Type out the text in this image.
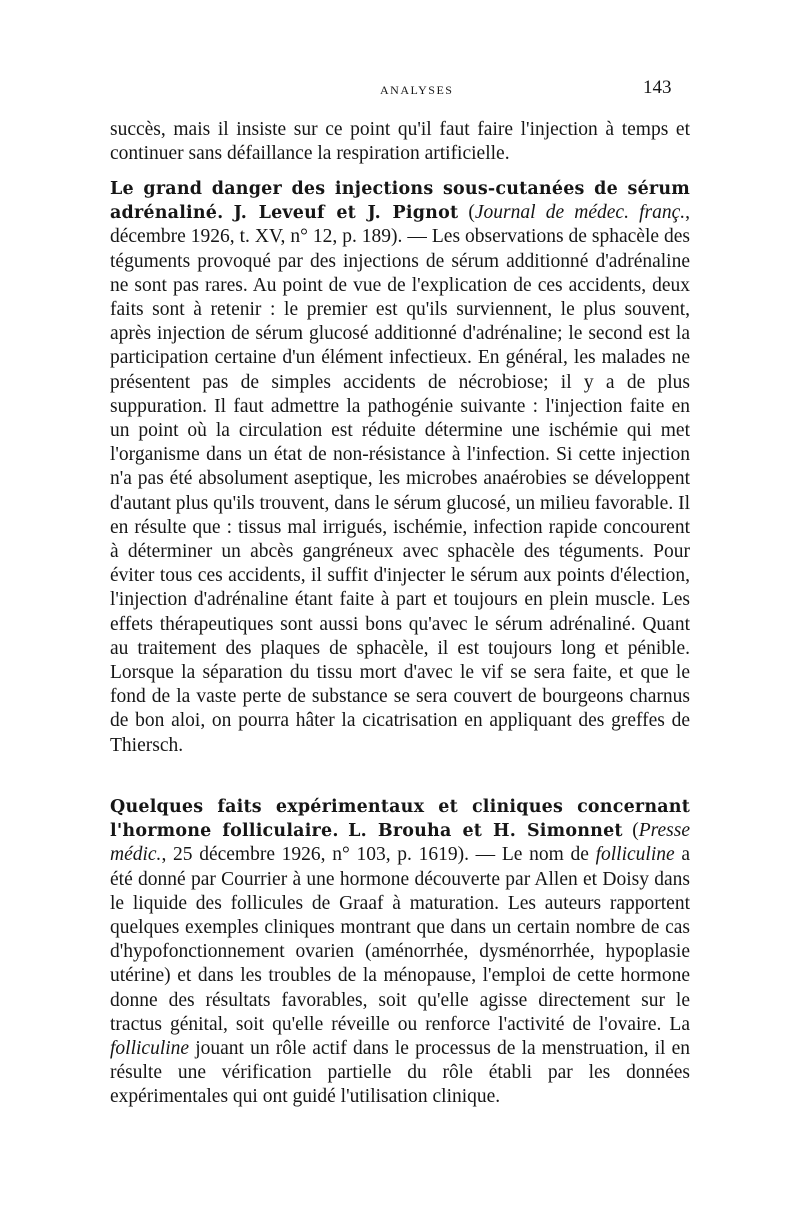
ANALYSES	143

succès, mais il insiste sur ce point qu'il faut faire l'injection à temps et continuer sans défaillance la respiration artificielle.

Le grand danger des injections sous-cutanées de sérum adrénaliné. J. Leveuf et J. Pignot (Journal de médec. franç., décembre 1926, t. XV, n° 12, p. 189). — Les observations de sphacèle des téguments provoqué par des injections de sérum additionné d'adrénaline ne sont pas rares. Au point de vue de l'explication de ces accidents, deux faits sont à retenir : le premier est qu'ils surviennent, le plus souvent, après injection de sérum glucosé additionné d'adrénaline; le second est la participation certaine d'un élément infectieux. En général, les malades ne présentent pas de simples accidents de nécrobiose; il y a de plus suppuration. Il faut admettre la pathogénie suivante : l'injection faite en un point où la circulation est réduite détermine une ischémie qui met l'organisme dans un état de non-résistance à l'infection. Si cette injection n'a pas été absolument aseptique, les microbes anaérobies se développent d'autant plus qu'ils trouvent, dans le sérum glucosé, un milieu favorable. Il en résulte que : tissus mal irrigués, ischémie, infection rapide concourent à déterminer un abcès gangréneux avec sphacèle des téguments. Pour éviter tous ces accidents, il suffit d'injecter le sérum aux points d'élection, l'injection d'adrénaline étant faite à part et toujours en plein muscle. Les effets thérapeutiques sont aussi bons qu'avec le sérum adrénaliné. Quant au traitement des plaques de sphacèle, il est toujours long et pénible. Lorsque la séparation du tissu mort d'avec le vif se sera faite, et que le fond de la vaste perte de substance se sera couvert de bourgeons charnus de bon aloi, on pourra hâter la cicatrisation en appliquant des greffes de Thiersch.

Quelques faits expérimentaux et cliniques concernant l'hormone folliculaire. L. Brouha et H. Simonnet (Presse médic., 25 décembre 1926, n° 103, p. 1619). — Le nom de folliculine a été donné par Courrier à une hormone découverte par Allen et Doisy dans le liquide des follicules de Graaf à maturation. Les auteurs rapportent quelques exemples cliniques montrant que dans un certain nombre de cas d'hypofonctionnement ovarien (aménorrhée, dysménorrhée, hypoplasie utérine) et dans les troubles de la ménopause, l'emploi de cette hormone donne des résultats favorables, soit qu'elle agisse directement sur le tractus génital, soit qu'elle réveille ou renforce l'activité de l'ovaire. La folliculine jouant un rôle actif dans le processus de la menstruation, il en résulte une vérification partielle du rôle établi par les données expérimentales qui ont guidé l'utilisation clinique.
